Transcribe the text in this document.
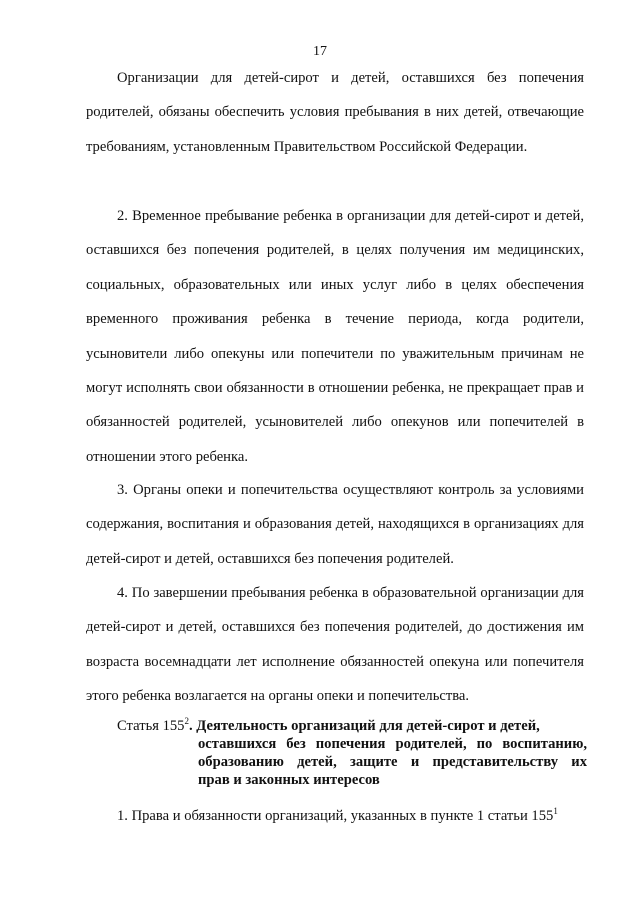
17

Организации для детей-сирот и детей, оставшихся без попечения родителей, обязаны обеспечить условия пребывания в них детей, отвечающие требованиям, установленным Правительством Российской Федерации.

2. Временное пребывание ребенка в организации для детей-сирот и детей, оставшихся без попечения родителей, в целях получения им медицинских, социальных, образовательных или иных услуг либо в целях обеспечения временного проживания ребенка в течение периода, когда родители, усыновители либо опекуны или попечители по уважительным причинам не могут исполнять свои обязанности в отношении ребенка, не прекращает прав и обязанностей родителей, усыновителей либо опекунов или попечителей в отношении этого ребенка.

3. Органы опеки и попечительства осуществляют контроль за условиями содержания, воспитания и образования детей, находящихся в организациях для детей-сирот и детей, оставшихся без попечения родителей.

4. По завершении пребывания ребенка в образовательной организации для детей-сирот и детей, оставшихся без попечения родителей, до достижения им возраста восемнадцати лет исполнение обязанностей опекуна или попечителя этого ребенка возлагается на органы опеки и попечительства.

Статья $155^2$. Деятельность организаций для детей-сирот и детей,
оставшихся без попечения родителей, по воспитанию,
образованию детей, защите и представительству их
прав и законных интересов

1. Права и обязанности организаций, указанных в пункте 1 статьи $155^1$
